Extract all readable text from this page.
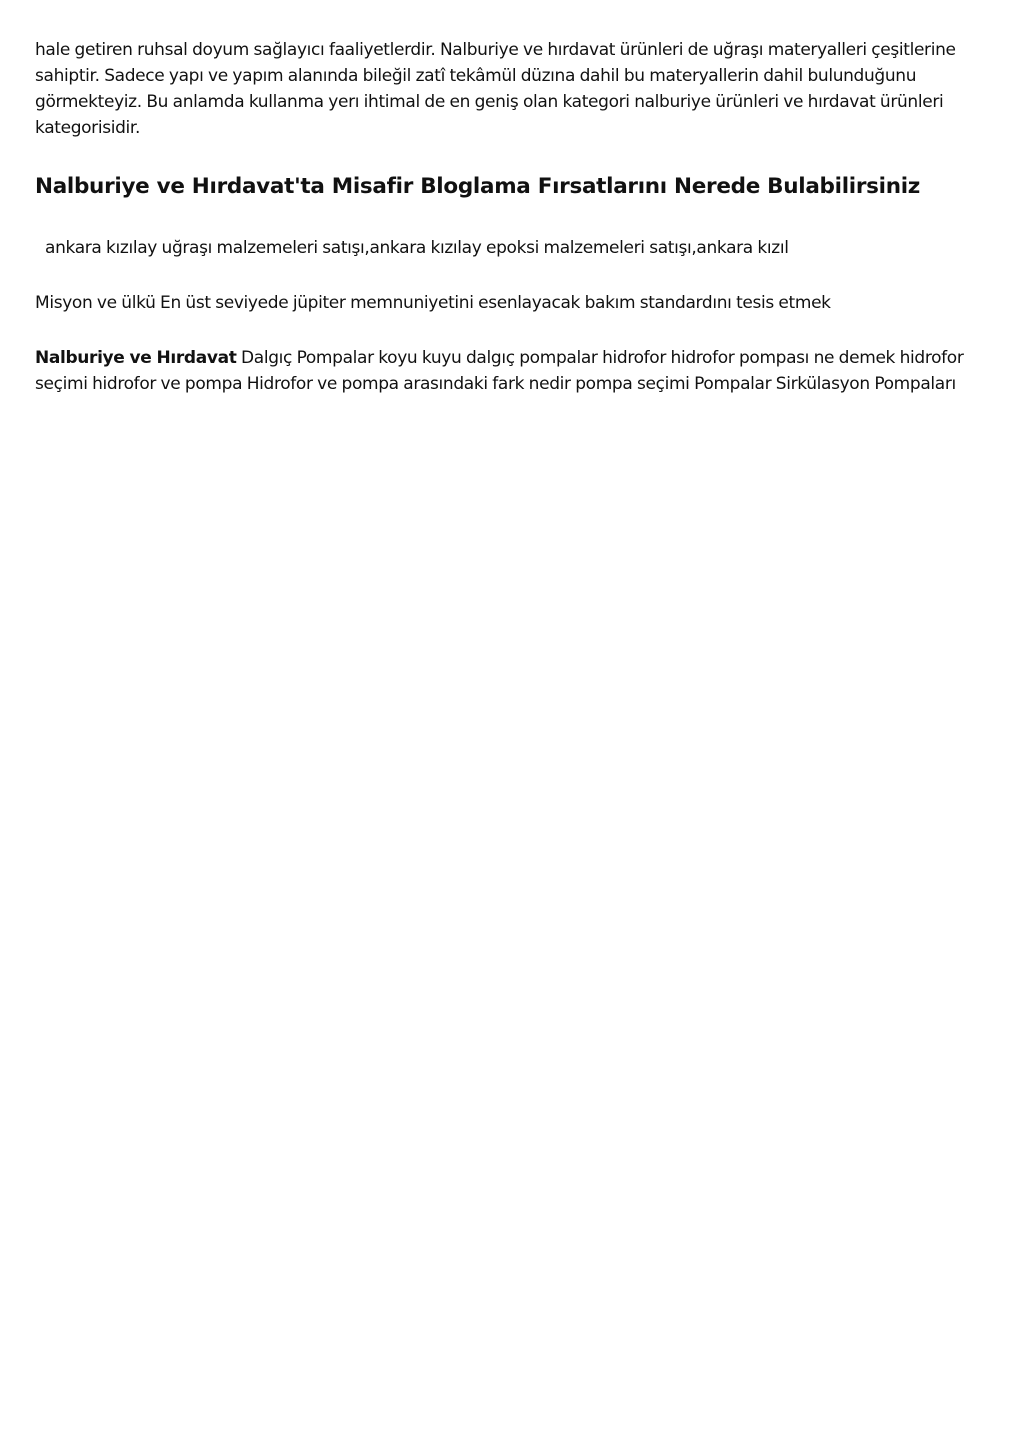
hale getiren ruhsal doyum sağlayıcı faaliyetlerdir. Nalburiye ve hırdavat ürünleri de uğraşı materyalleri çeşitlerine sahiptir. Sadece yapı ve yapım alanında bileğil zatî tekâmül düzına dahil bu materyallerin dahil bulunduğunu görmekteyiz. Bu anlamda kullanma yerı ihtimal de en geniş olan kategori nalburiye ürünleri ve hırdavat ürünleri kategorisidir.

Nalburiye ve Hırdavat'ta Misafir Bloglama Fırsatlarını Nerede Bulabilirsiniz

ankara kızılay uğraşı malzemeleri satışı,ankara kızılay epoksi malzemeleri satışı,ankara kızıl

Misyon ve ülkü En üst seviyede jüpiter memnuniyetini esenlayacak bakım standardını tesis etmek

Nalburiye ve Hırdavat Dalgıç Pompalar koyu kuyu dalgıç pompalar hidrofor hidrofor pompası ne demek hidrofor seçimi hidrofor ve pompa Hidrofor ve pompa arasındaki fark nedir pompa seçimi Pompalar Sirkülasyon Pompaları
